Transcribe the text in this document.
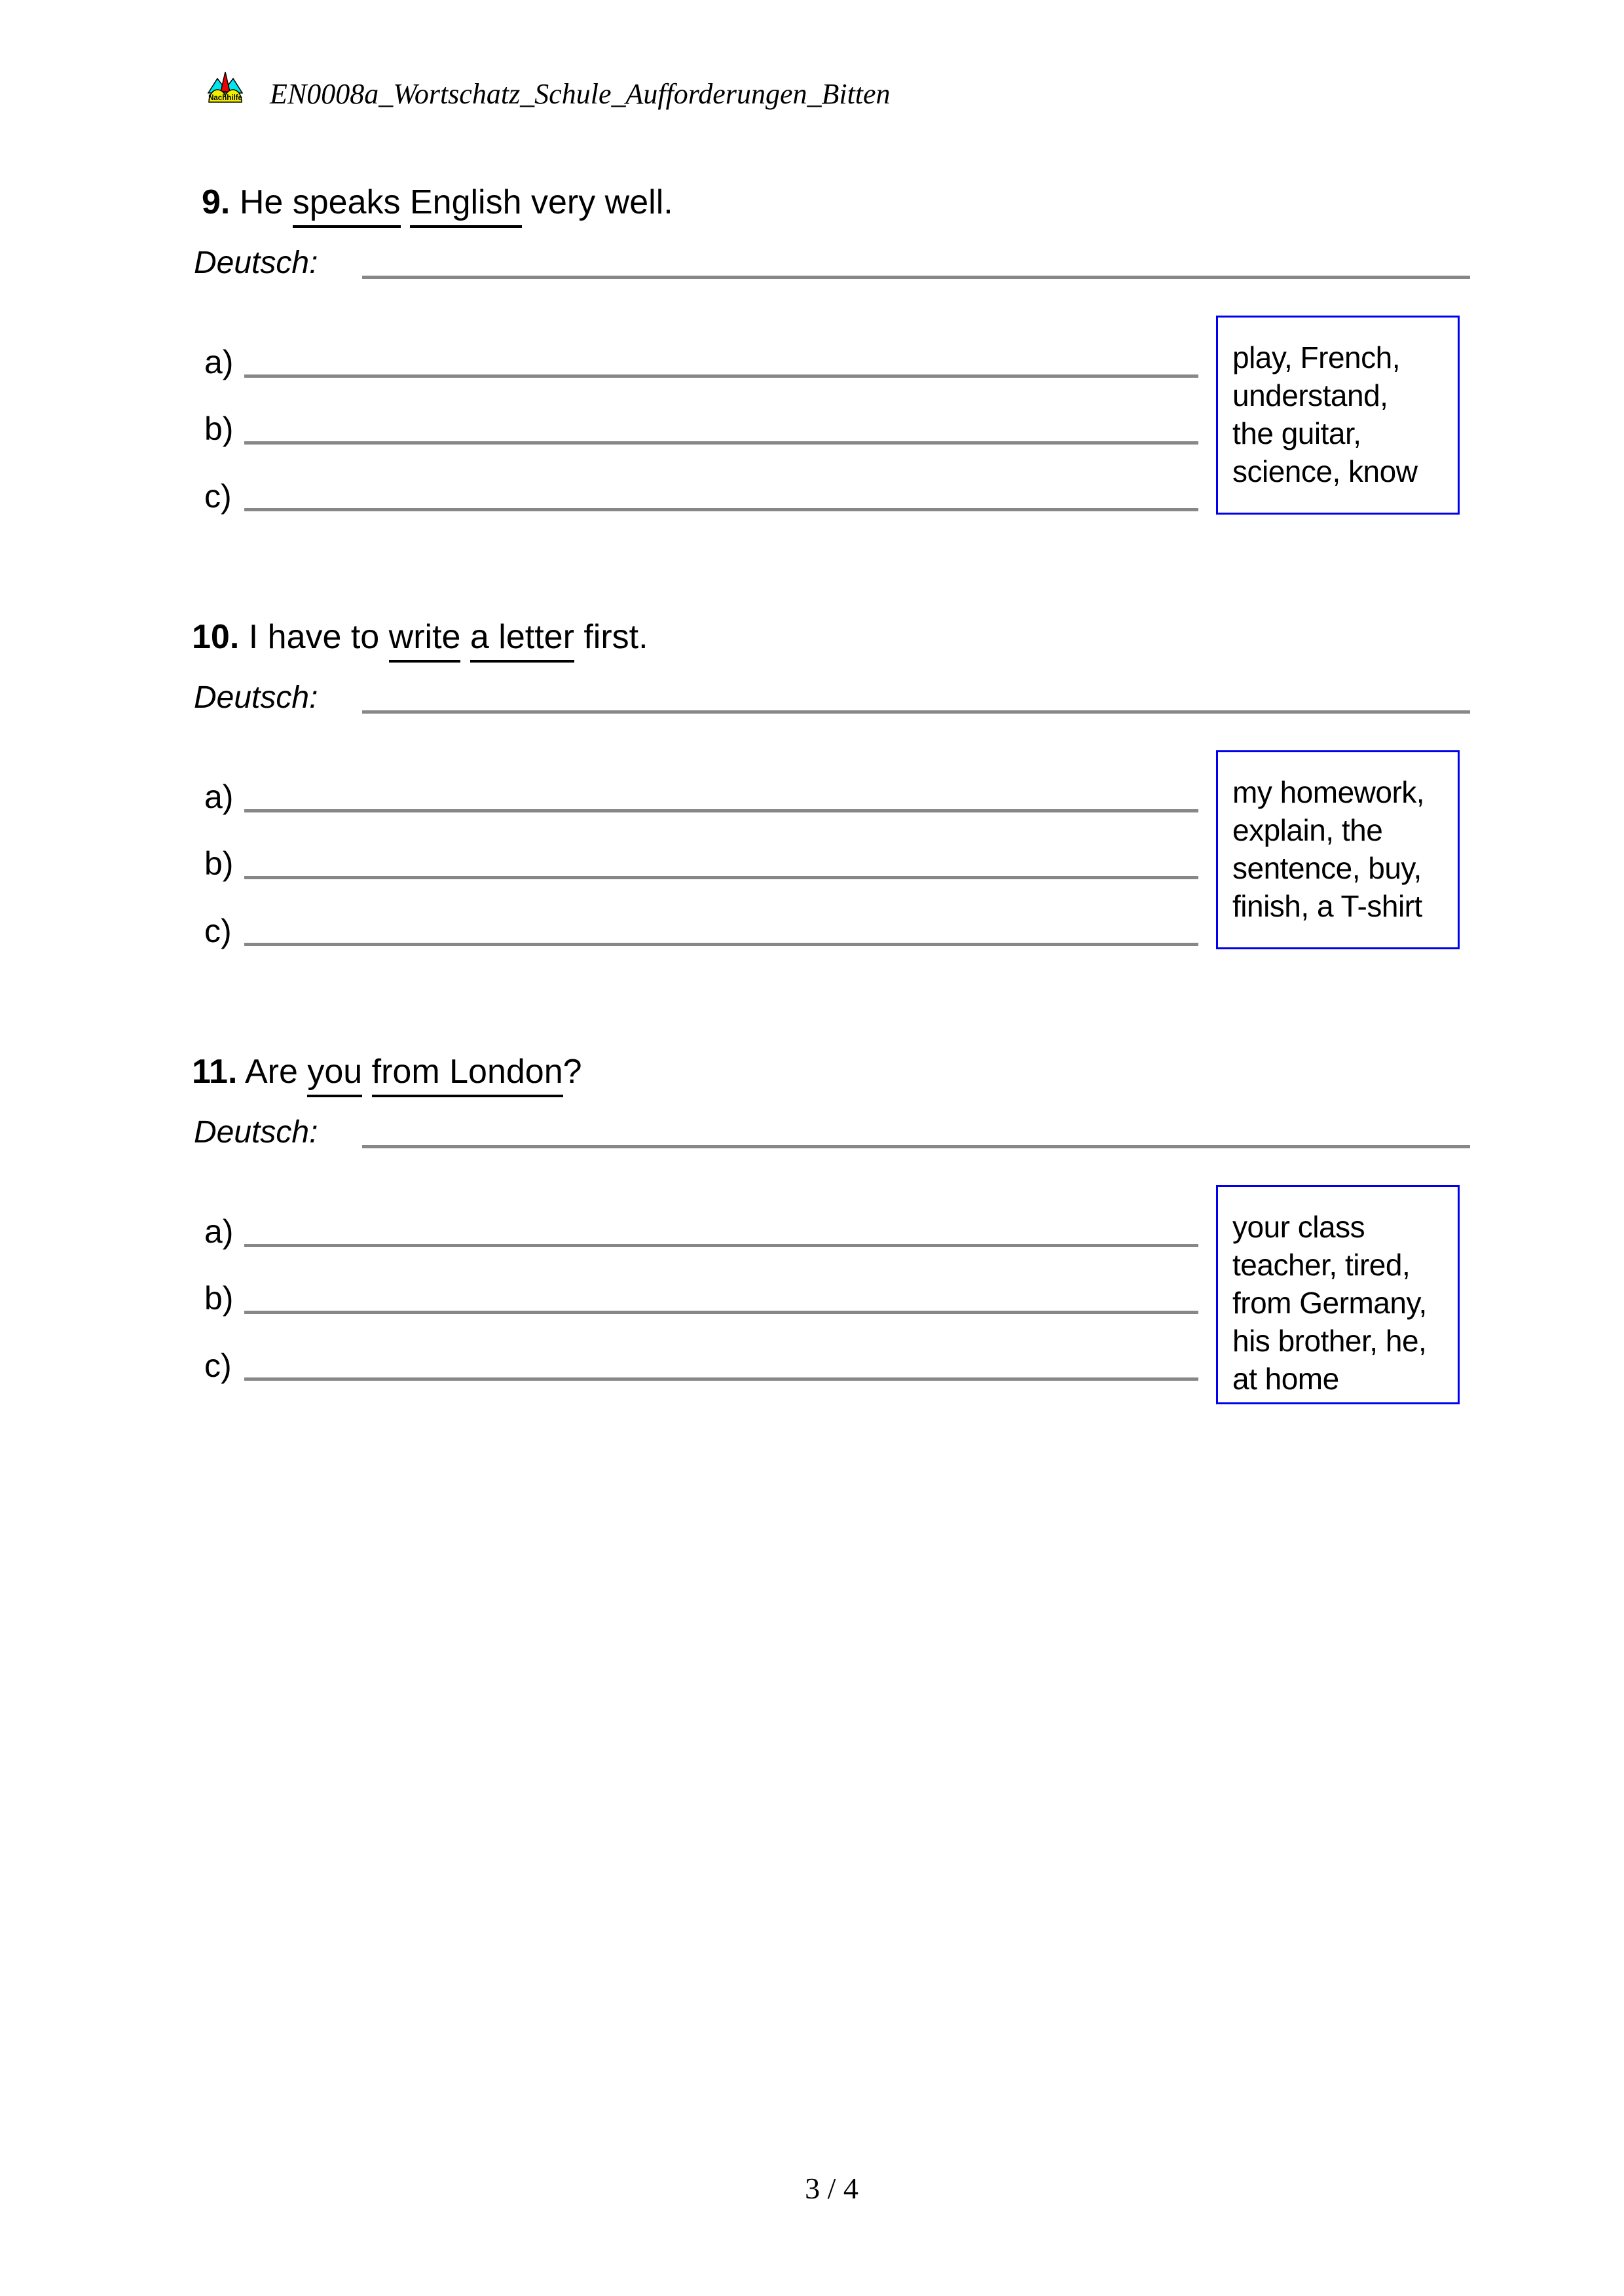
Nachhilfe EN0008a_Wortschatz_Schule_Aufforderungen_Bitten
9. He speaks English very well.
Deutsch:
a)
b)
c)
play, French,
understand,
the guitar,
science, know
10. I have to write a letter first.
Deutsch:
a)
b)
c)
my homework,
explain, the
sentence, buy,
finish, a T-shirt
11. Are you from London?
Deutsch:
a)
b)
c)
your class
teacher, tired,
from Germany,
his brother, he,
at home
3 / 4
